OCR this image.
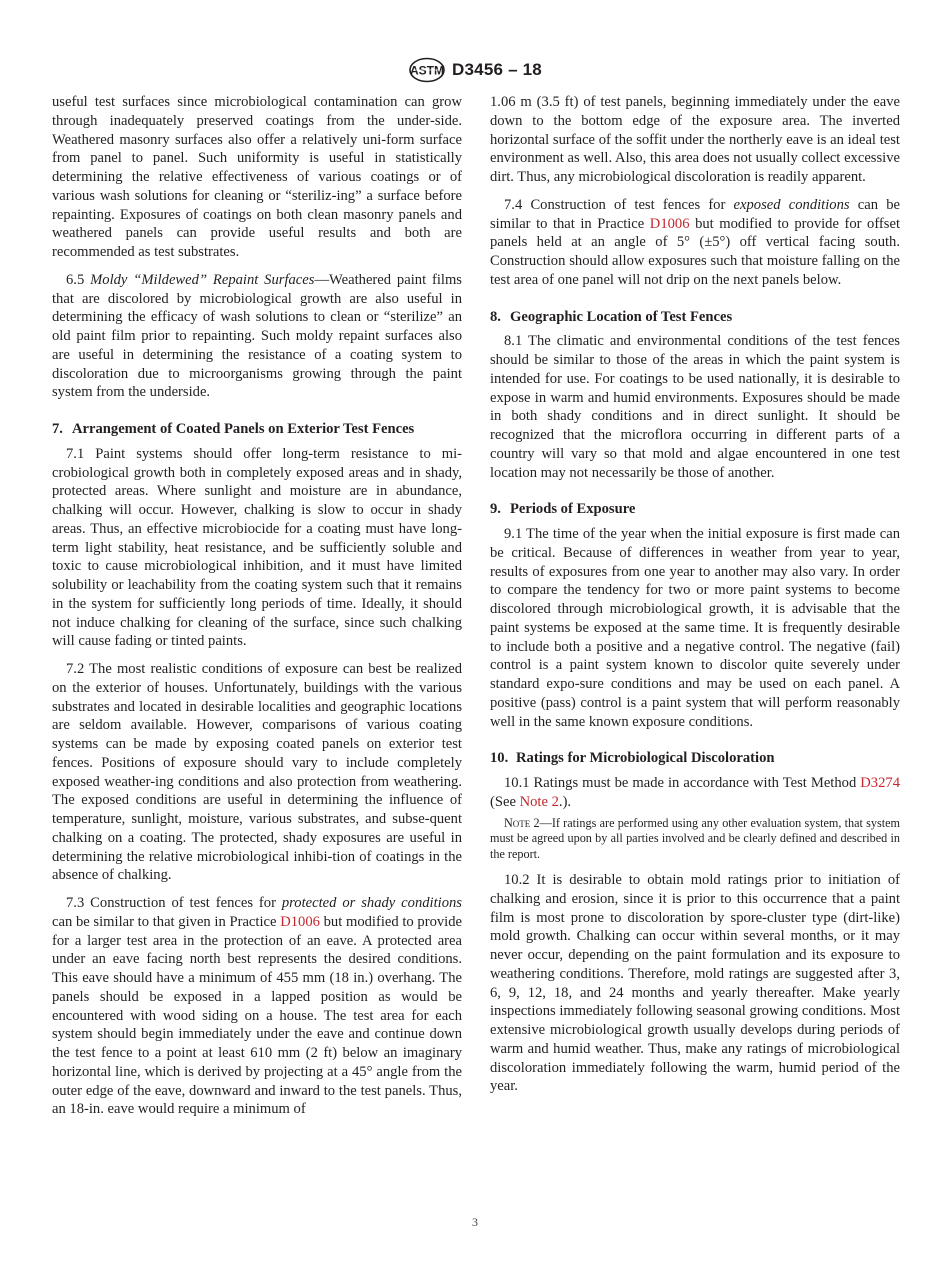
ASTM D3456 – 18

useful test surfaces since microbiological contamination can grow through inadequately preserved coatings from the under-side. Weathered masonry surfaces also offer a relatively uni-form surface from panel to panel. Such uniformity is useful in statistically determining the relative effectiveness of various coatings or of various wash solutions for cleaning or “steriliz-ing” a surface before repainting. Exposures of coatings on both clean masonry panels and weathered panels can provide useful results and both are recommended as test substrates.

6.5 Moldy “Mildewed” Repaint Surfaces—Weathered paint films that are discolored by microbiological growth are also useful in determining the efficacy of wash solutions to clean or “sterilize” an old paint film prior to repainting. Such moldy repaint surfaces also are useful in determining the resistance of a coating system to discoloration due to microorganisms growing through the paint system from the underside.

7. Arrangement of Coated Panels on Exterior Test Fences

7.1 Paint systems should offer long-term resistance to mi-crobiological growth both in completely exposed areas and in shady, protected areas. Where sunlight and moisture are in abundance, chalking will occur. However, chalking is slow to occur in shady areas. Thus, an effective microbiocide for a coating must have long-term light stability, heat resistance, and be sufficiently soluble and toxic to cause microbiological inhibition, and it must have limited solubility or leachability from the coating system such that it remains in the system for sufficiently long periods of time. Ideally, it should not induce chalking for cleaning of the surface, since such chalking will cause fading or tinted paints.

7.2 The most realistic conditions of exposure can best be realized on the exterior of houses. Unfortunately, buildings with the various substrates and located in desirable localities and geographic locations are seldom available. However, comparisons of various coating systems can be made by exposing coated panels on exterior test fences. Positions of exposure should vary to include completely exposed weather-ing conditions and also protection from weathering. The exposed conditions are useful in determining the influence of temperature, sunlight, moisture, various substrates, and subse-quent chalking on a coating. The protected, shady exposures are useful in determining the relative microbiological inhibi-tion of coatings in the absence of chalking.

7.3 Construction of test fences for protected or shady conditions can be similar to that given in Practice D1006 but modified to provide for a larger test area in the protection of an eave. A protected area under an eave facing north best represents the desired conditions. This eave should have a minimum of 455 mm (18 in.) overhang. The panels should be exposed in a lapped position as would be encountered with wood siding on a house. The test area for each system should begin immediately under the eave and continue down the test fence to a point at least 610 mm (2 ft) below an imaginary horizontal line, which is derived by projecting at a 45° angle from the outer edge of the eave, downward and inward to the test panels. Thus, an 18-in. eave would require a minimum of

1.06 m (3.5 ft) of test panels, beginning immediately under the eave down to the bottom edge of the exposure area. The inverted horizontal surface of the soffit under the northerly eave is an ideal test environment as well. Also, this area does not usually collect excessive dirt. Thus, any microbiological discoloration is readily apparent.

7.4 Construction of test fences for exposed conditions can be similar to that in Practice D1006 but modified to provide for offset panels held at an angle of 5° (±5°) off vertical facing south. Construction should allow exposures such that moisture falling on the test area of one panel will not drip on the next panels below.

8. Geographic Location of Test Fences

8.1 The climatic and environmental conditions of the test fences should be similar to those of the areas in which the paint system is intended for use. For coatings to be used nationally, it is desirable to expose in warm and humid environments. Exposures should be made in both shady conditions and in direct sunlight. It should be recognized that the microflora occurring in different parts of a country will vary so that mold and algae encountered in one test location may not necessarily be those of another.

9. Periods of Exposure

9.1 The time of the year when the initial exposure is first made can be critical. Because of differences in weather from year to year, results of exposures from one year to another may also vary. In order to compare the tendency for two or more paint systems to become discolored through microbiological growth, it is advisable that the paint systems be exposed at the same time. It is frequently desirable to include both a positive and a negative control. The negative (fail) control is a paint system known to discolor quite severely under standard expo-sure conditions and may be used on each panel. A positive (pass) control is a paint system that will perform reasonably well in the same known exposure conditions.

10. Ratings for Microbiological Discoloration

10.1 Ratings must be made in accordance with Test Method D3274 (See Note 2.).

Note 2—If ratings are performed using any other evaluation system, that system must be agreed upon by all parties involved and be clearly defined and described in the report.

10.2 It is desirable to obtain mold ratings prior to initiation of chalking and erosion, since it is prior to this occurrence that a paint film is most prone to discoloration by spore-cluster type (dirt-like) mold growth. Chalking can occur within several months, or it may never occur, depending on the paint formulation and its exposure to weathering conditions. Therefore, mold ratings are suggested after 3, 6, 9, 12, 18, and 24 months and yearly thereafter. Make yearly inspections immediately following seasonal growing conditions. Most extensive microbiological growth usually develops during periods of warm and humid weather. Thus, make any ratings of microbiological discoloration immediately following the warm, humid period of the year.

3
